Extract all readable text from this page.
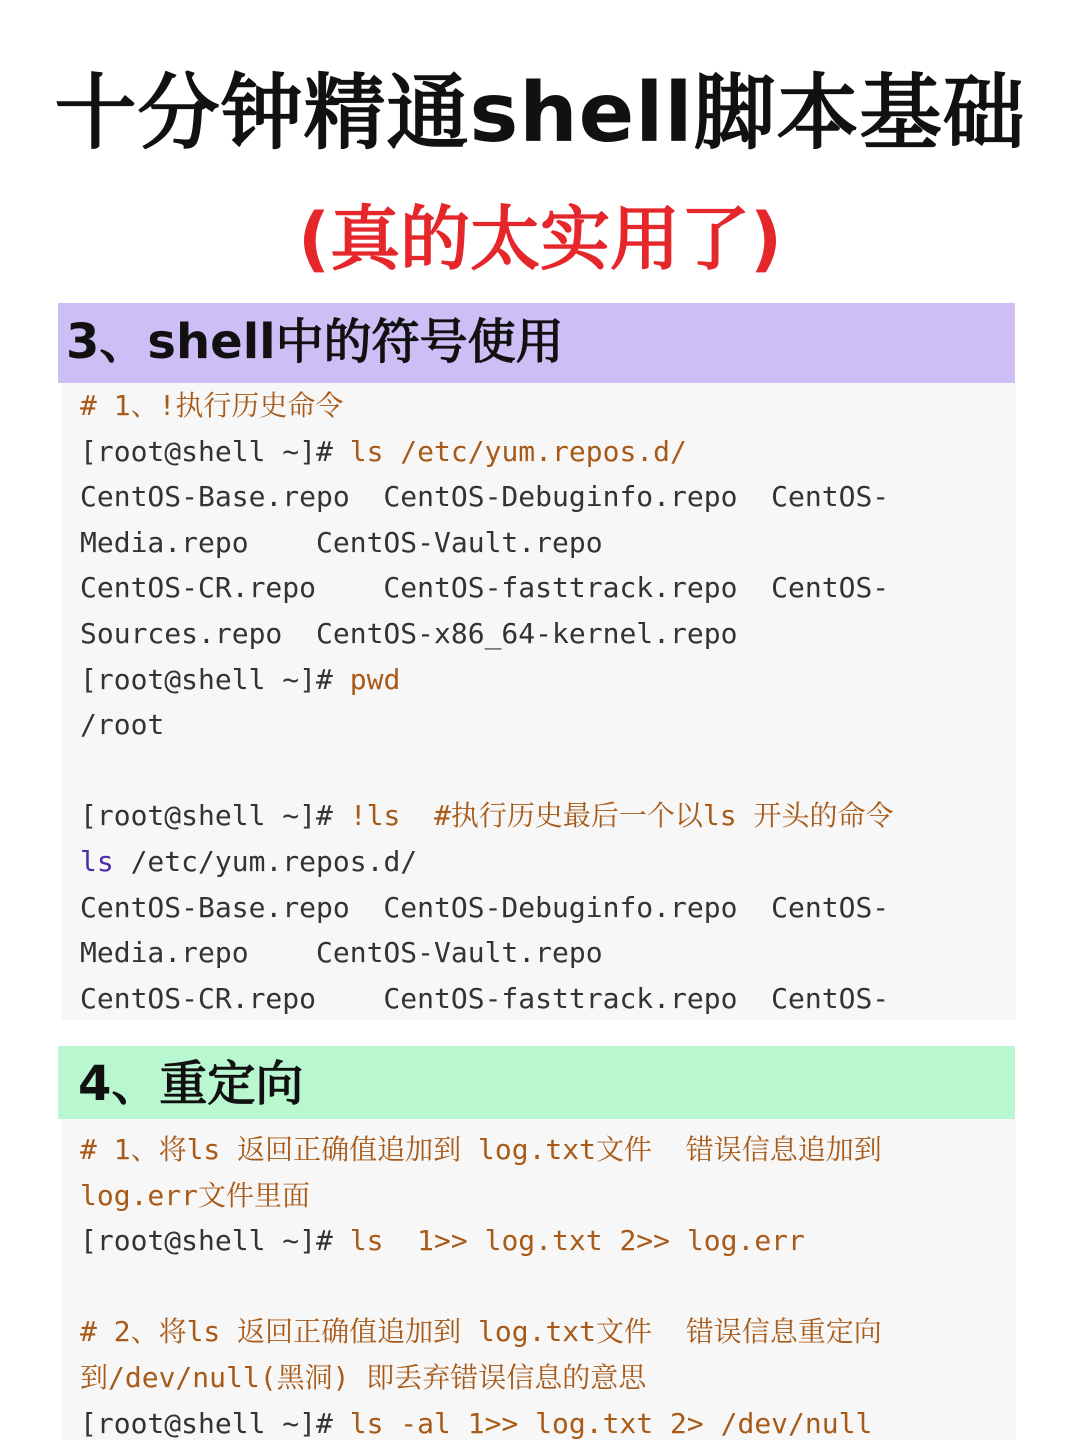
十分钟精通shell脚本基础
(真的太实用了)
3、shell中的符号使用
# 1、!执行历史命令
[root@shell ~]# ls /etc/yum.repos.d/
CentOS-Base.repo  CentOS-Debuginfo.repo  CentOS-
Media.repo    CentOS-Vault.repo
CentOS-CR.repo    CentOS-fasttrack.repo  CentOS-
Sources.repo  CentOS-x86_64-kernel.repo
[root@shell ~]# pwd
/root
[root@shell ~]# !ls #执行历史最后一个以ls 开头的命令
ls /etc/yum.repos.d/
CentOS-Base.repo  CentOS-Debuginfo.repo  CentOS-
Media.repo    CentOS-Vault.repo
CentOS-CR.repo    CentOS-fasttrack.repo  CentOS-
4、重定向
# 1、将ls 返回正确值追加到 log.txt文件  错误信息追加到
log.err文件里面
[root@shell ~]# ls  1>> log.txt 2>> log.err
# 2、将ls 返回正确值追加到 log.txt文件  错误信息重定向
到/dev/null(黑洞) 即丢弃错误信息的意思
[root@shell ~]# ls -al 1>> log.txt 2> /dev/null
